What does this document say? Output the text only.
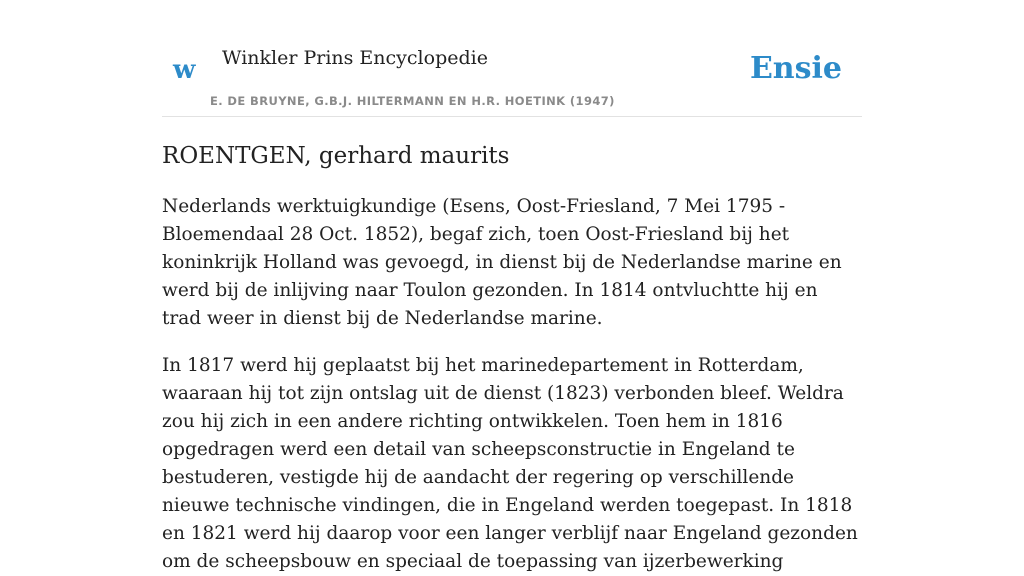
w Winkler Prins Encyclopedie
E. DE BRUYNE, G.B.J. HILTERMANN EN H.R. HOETINK (1947)
Ensie
ROENTGEN, gerhard maurits

Nederlands werktuigkundige (Esens, Oost-Friesland, 7 Mei 1795 - Bloemendaal 28 Oct. 1852), begaf zich, toen Oost-Friesland bij het koninkrijk Holland was gevoegd, in dienst bij de Nederlandse marine en werd bij de inlijving naar Toulon gezonden. In 1814 ontvluchtte hij en trad weer in dienst bij de Nederlandse marine.

In 1817 werd hij geplaatst bij het marinedepartement in Rotterdam, waaraan hij tot zijn ontslag uit de dienst (1823) verbonden bleef. Weldra zou hij zich in een andere richting ontwikkelen. Toen hem in 1816 opgedragen werd een detail van scheepsconstructie in Engeland te bestuderen, vestigde hij de aandacht der regering op verschillende nieuwe technische vindingen, die in Engeland werden toegepast. In 1818 en 1821 werd hij daarop voor een langer verblijf naar Engeland gezonden om de scheepsbouw en speciaal de toepassing van ijzerbewerking
